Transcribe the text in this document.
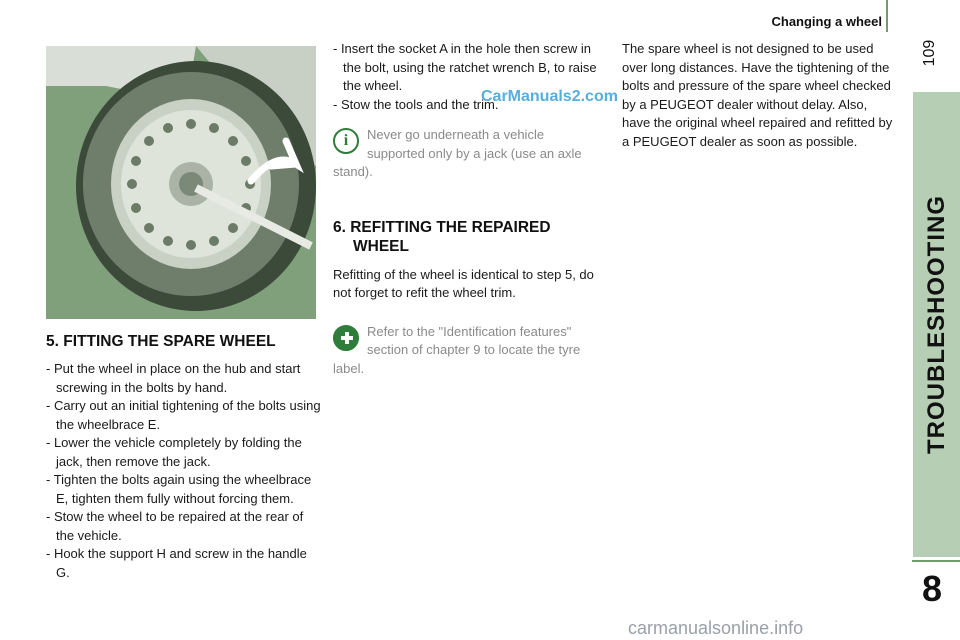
Changing a wheel
109
TROUBLESHOOTING
8
5. FITTING THE SPARE WHEEL

- Put the wheel in place on the hub and start screwing in the bolts by hand.

- Carry out an initial tightening of the bolts using the wheelbrace E.

- Lower the vehicle completely by folding the jack, then remove the jack.

- Tighten the bolts again using the wheelbrace E, tighten them fully without forcing them.

- Stow the wheel to be repaired at the rear of the vehicle.

- Hook the support H and screw in the handle G.

- Insert the socket A in the hole then screw in the bolt, using the ratchet wrench B, to raise the wheel.

- Stow the tools and the trim.

i
Never go underneath a vehicle supported only by a jack (use an axle stand).
6. REFITTING THE REPAIRED WHEEL

Refitting of the wheel is identical to step 5, do not forget to refit the wheel trim.

Refer to the "Identification features" section of chapter 9 to locate the tyre label.

The spare wheel is not designed to be used over long distances. Have the tightening of the bolts and pressure of the spare wheel checked by a PEUGEOT dealer without delay. Also, have the original wheel repaired and refitted by a PEUGEOT dealer as soon as possible.

CarManuals2.com
carmanualsonline.info
